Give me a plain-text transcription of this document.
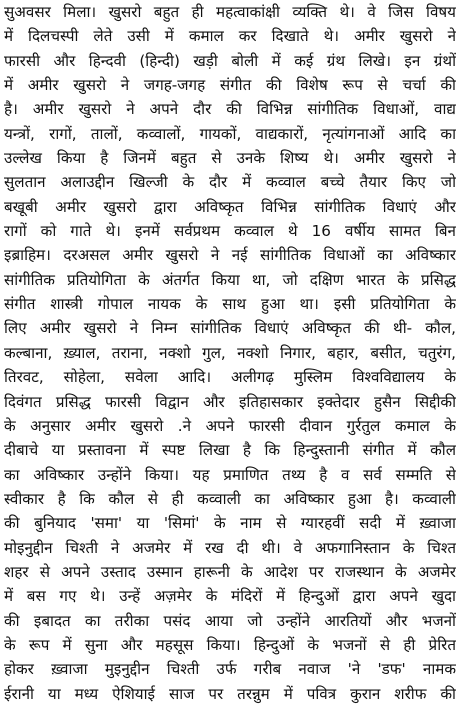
सुअवसर मिला। खुसरो बहुत ही महत्वाकांक्षी व्यक्ति थे। वे जिस विषय
में दिलचस्पी लेते उसी में कमाल कर दिखाते थे। अमीर खुसरो ने
फारसी और हिन्दवी (हिन्दी) खड़ी बोली में कई ग्रंथ लिखे। इन ग्रंथों
में अमीर खुसरो ने जगह-जगह संगीत की विशेष रूप से चर्चा की
है। अमीर खुसरो ने अपने दौर की विभिन्न सांगीतिक विधाओं, वाद्य
यन्त्रों, रागों, तालों, कव्वालों, गायकों, वाद्यकारों, नृत्यांगनाओं आदि का
उल्लेख किया है जिनमें बहुत से उनके शिष्य थे। अमीर खुसरो ने
सुलतान अलाउद्दीन खिल्जी के दौर में कव्वाल बच्चे तैयार किए जो
बखूबी अमीर खुसरो द्वारा अविष्कृत विभिन्न सांगीतिक विधाएं और
रागों को गाते थे। इनमें सर्वप्रथम कव्वाल थे 16 वर्षीय सामत बिन
इब्राहिम। दरअसल अमीर खुसरो ने नई सांगीतिक विधाओं का अविष्कार
सांगीतिक प्रतियोगिता के अंतर्गत किया था, जो दक्षिण भारत के प्रसिद्ध
संगीत शास्त्री गोपाल नायक के साथ हुआ था। इसी प्रतियोगिता के
लिए अमीर खुसरो ने निम्न सांगीतिक विधाएं अविष्कृत की थी- कौल,
कल्बाना, ख़्याल, तराना, नक्शो गुल, नक्शो निगार, बहार, बसीत, चतुरंग,
तिरवट, सोहेला, सवेला आदि। अलीगढ़ मुस्लिम विश्वविद्यालय के
दिवंगत प्रसिद्ध फारसी विद्वान और इतिहासकार इक्तेदार हुसैन सिद्दीकी
के अनुसार अमीर खुसरो .ने अपने फारसी दीवान गुर्रतुल कमाल के
दीबाचे या प्रस्तावना में स्पष्ट लिखा है कि हिन्दुस्तानी संगीत में कौल
का अविष्कार उन्होंने किया। यह प्रमाणित तथ्य है व सर्व सम्मति से
स्वीकार है कि कौल से ही कव्वाली का अविष्कार हुआ है। कव्वाली
की बुनियाद 'समा' या 'सिमां' के नाम से ग्यारहवीं सदी में ख़्वाजा
मोइनुद्दीन चिश्ती ने अजमेर में रख दी थी। वे अफगानिस्तान के चिश्त
शहर से अपने उस्ताद उस्मान हारूनी के आदेश पर राजस्थान के अजमेर
में बस गए थे। उन्हें अज़मेर के मंदिरों में हिन्दुओं द्वारा अपने खुदा
की इबादत का तरीका पसंद आया जो उन्होंने आरतियों और भजनों
के रूप में सुना और महसूस किया। हिन्दुओं के भजनों से ही प्रेरित
होकर ख़्वाजा मुइनुद्दीन चिश्ती उर्फ गरीब नवाज 'ने 'डफ' नामक
ईरानी या मध्य ऐशियाई साज पर तरन्नुम में पवित्र कुरान शरीफ की
